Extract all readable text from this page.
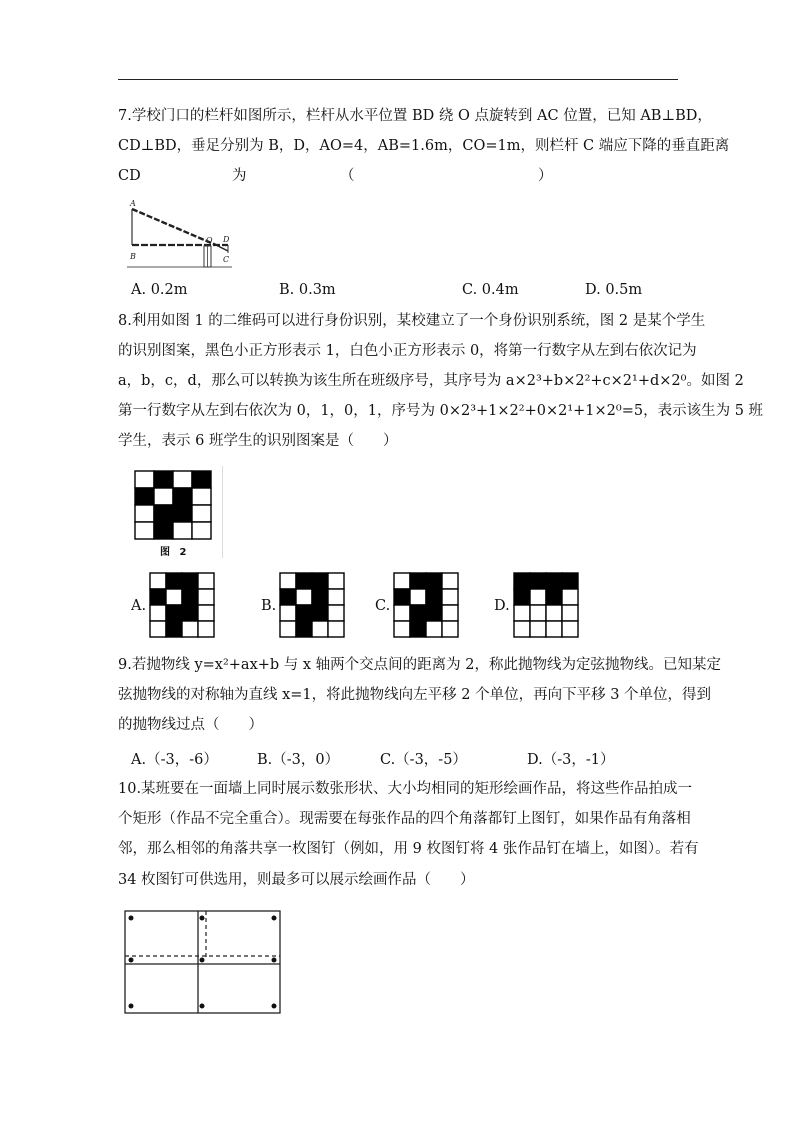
7.学校门口的栏杆如图所示，栏杆从水平位置 BD 绕 O 点旋转到 AC 位置，已知 AB⊥BD，
CD⊥BD，垂足分别为 B，D，AO=4，AB=1.6m，CO=1m，则栏杆 C 端应下降的垂直距离
CD	为	（	）
A
B
O D
C
A. 0.2m	B. 0.3m	C. 0.4m	D. 0.5m
8.利用如图 1 的二维码可以进行身份识别，某校建立了一个身份识别系统，图 2 是某个学生
的识别图案，黑色小正方形表示 1，白色小正方形表示 0，将第一行数字从左到右依次记为
a，b，c，d，那么可以转换为该生所在班级序号，其序号为 a×2³+b×2²+c×2¹+d×2⁰。如图 2
第一行数字从左到右依次为 0，1，0，1，序号为 0×2³+1×2²+0×2¹+1×2⁰=5，表示该生为 5 班
学生，表示 6 班学生的识别图案是（　　）
图 2
A.	B.	C.	D.
9.若抛物线 y=x²+ax+b 与 x 轴两个交点间的距离为 2，称此抛物线为定弦抛物线。已知某定
弦抛物线的对称轴为直线 x=1，将此抛物线向左平移 2 个单位，再向下平移 3 个单位，得到
的抛物线过点（　　）
A.（-3，-6）	B.（-3，0）	C.（-3，-5）	D.（-3，-1）
10.某班要在一面墙上同时展示数张形状、大小均相同的矩形绘画作品，将这些作品拍成一
个矩形（作品不完全重合）。现需要在每张作品的四个角落都钉上图钉，如果作品有角落相
邻，那么相邻的角落共享一枚图钉（例如，用 9 枚图钉将 4 张作品钉在墙上，如图）。若有
34 枚图钉可供选用，则最多可以展示绘画作品（　　）
